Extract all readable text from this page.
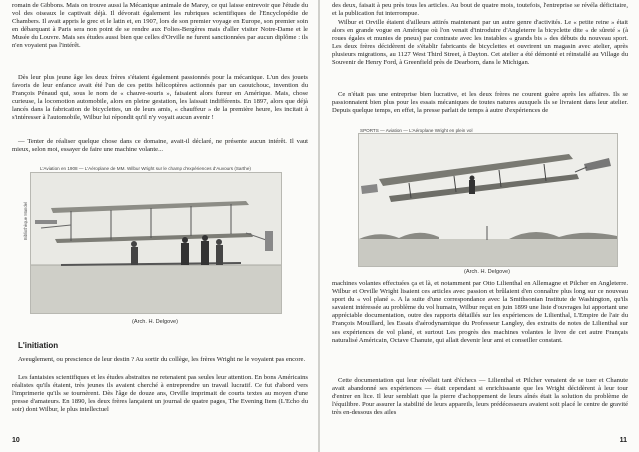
romain de Gibbons. Mais on trouve aussi la Mécanique animale de Marey, ce qui laisse entrevoir que l'étude du vol des oiseaux le captivait déjà. Il dévorait également les rubriques scientifiques de l'Encyclopédie de Chambers. Il avait appris le grec et le latin et, en 1907, lors de son premier voyage en Europe, son premier soin en débarquant à Paris sera non point de se rendre aux Folies-Bergères mais d'aller visiter Notre-Dame et le Musée du Louvre. Mais ses études aussi bien que celles d'Orville ne furent sanctionnées par aucun diplôme : ils n'en voyaient pas l'intérêt.

Dès leur plus jeune âge les deux frères s'étaient également passionnés pour la mécanique. L'un des jouets favoris de leur enfance avait été l'un de ces petits hélicoptères actionnés par un caoutchouc, invention du François Pénaud qui, sous le nom de « chauve-souris », faisaient alors fureur en Amérique. Mais, chose curieuse, la locomotion automobile, alors en pleine gestation, les laissait indifférents. En 1897, alors que déjà lancés dans la fabrication de bicyclettes, un de leurs amis, « chauffeur » de la première heure, les incitait à s'intéresser à l'automobile, Wilbur lui répondit qu'il n'y voyait aucun avenir !

— Tenter de réaliser quelque chose dans ce domaine, avait-il déclaré, ne présente aucun intérêt. Il vaut mieux, selon moi, essayer de faire une machine volante...

L'Aviation en 1908 — L'Aéroplane de MM. Wilbur Wright sur le champ d'expériences d'Auvours (Sarthe)
Bibliothèque Mandel
(Arch. H. Delgove)
L'initiation

Aveuglement, ou prescience de leur destin ? Au sortir du collège, les frères Wright ne le voyaient pas encore.

Les fantaisies scientifiques et les études abstraites ne retenaient pas seules leur attention. En bons Américains réalistes qu'ils étaient, très jeunes ils avaient cherché à entreprendre un travail lucratif. Ce fut d'abord vers l'imprimerie qu'ils se tournèrent. Dès l'âge de douze ans, Orville imprimait de courts textes au moyen d'une presse d'amateurs. En 1890, les deux frères lançaient un journal de quatre pages, The Evening Item (L'Echo du soir) dont Wilbur, le plus intellectuel

10

des deux, faisait à peu près tous les articles. Au bout de quatre mois, toutefois, l'entreprise se révéla déficitaire, et la publication fut interrompue.

Wilbur et Orville étaient d'ailleurs attirés maintenant par un autre genre d'activités. Le « petite reine » était alors en grande vogue en Amérique où l'on venait d'introduire d'Angleterre la bicyclette dite « de sûreté » (à roues égales et munies de pneus) par contraste avec les instables « grands bis » des débuts du nouveau sport. Les deux frères décidèrent de s'établir fabricants de bicyclettes et ouvrirent un magasin avec atelier, après plusieurs migrations, au 1127 West Third Street, à Dayton. Cet atelier a été démonté et réinstallé au Village du Souvenir de Henry Ford, à Greenfield près de Dearborn, dans le Michigan.

Ce n'était pas une entreprise bien lucrative, et les deux frères ne courent guère après les affaires. Ils se passionnaient bien plus pour les essais mécaniques de toutes natures auxquels ils se livraient dans leur atelier. Depuis quelque temps, en effet, la presse parlait de temps à autre d'expériences de

SPORTS — Aviation — L'Aéroplane Wright en plein vol
(Arch. H. Delgove)

machines volantes effectuées ça et là, et notamment par Otto Lilienthal en Allemagne et Pilcher en Angleterre. Wilbur et Orville Wright lisaient ces articles avec passion et brûlaient d'en connaître plus long sur ce nouveau sport du « vol plané ». A la suite d'une correspondance avec la Smithsonian Institute de Washington, qu'ils savaient intéressée au problème du vol humain, Wilbur reçut en juin 1899 une liste d'ouvrages lui apportant une appréciable documentation, outre des rapports détaillés sur les expériences de Lilienthal, L'Empire de l'air du François Mouillard, les Essais d'aérodynamique du Professeur Langley, des extraits de notes de Lilienthal sur ses expériences de vol plané, et surtout Les progrès des machines volantes le livre de cet autre Français naturalisé Américain, Octave Chanute, qui allait devenir leur ami et conseiller constant.

Cette documentation qui leur révélait tant d'échecs — Lilienthal et Pilcher venaient de se tuer et Chanute avait abandonné ses expériences — était cependant si enrichissante que les Wright décidèrent à leur tour d'entrer en lice. Il leur semblait que la pierre d'achoppement de leurs aînés était la solution du problème de l'équilibre. Pour assurer la stabilité de leurs appareils, leurs prédécesseurs avaient soit placé le centre de gravité très en-dessous des ailes

11
